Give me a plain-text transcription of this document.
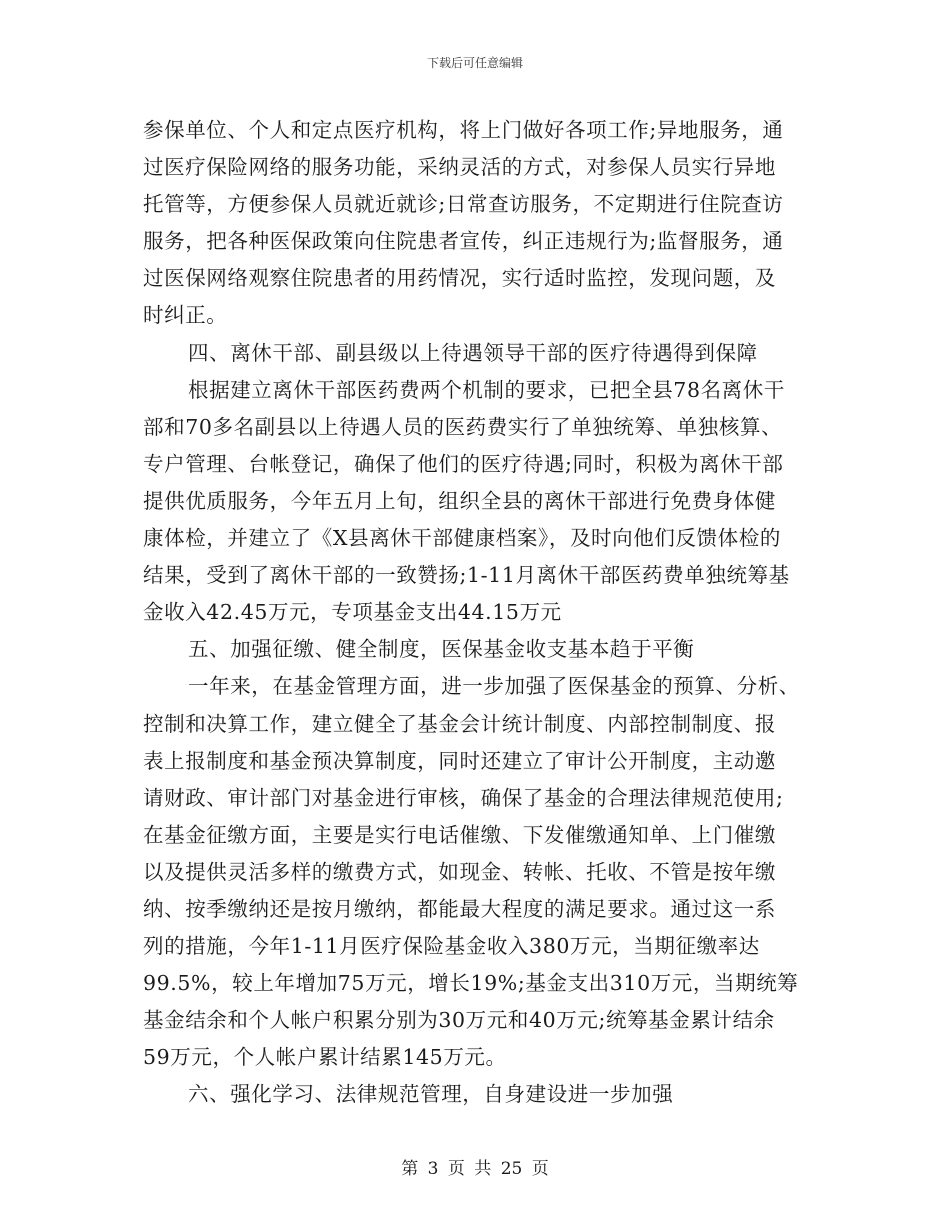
下载后可任意编辑
参保单位、个人和定点医疗机构，将上门做好各项工作;异地服务，通
过医疗保险网络的服务功能，采纳灵活的方式，对参保人员实行异地
托管等，方便参保人员就近就诊;日常查访服务，不定期进行住院查访
服务，把各种医保政策向住院患者宣传，纠正违规行为;监督服务，通
过医保网络观察住院患者的用药情况，实行适时监控，发现问题，及
时纠正。
四、离休干部、副县级以上待遇领导干部的医疗待遇得到保障
根据建立离休干部医药费两个机制的要求，已把全县78名离休干
部和70多名副县以上待遇人员的医药费实行了单独统筹、单独核算、
专户管理、台帐登记，确保了他们的医疗待遇;同时，积极为离休干部
提供优质服务，今年五月上旬，组织全县的离休干部进行免费身体健
康体检，并建立了《X县离休干部健康档案》，及时向他们反馈体检的
结果，受到了离休干部的一致赞扬;1-11月离休干部医药费单独统筹基
金收入42.45万元，专项基金支出44.15万元
五、加强征缴、健全制度，医保基金收支基本趋于平衡
一年来，在基金管理方面，进一步加强了医保基金的预算、分析、
控制和决算工作，建立健全了基金会计统计制度、内部控制制度、报
表上报制度和基金预决算制度，同时还建立了审计公开制度，主动邀
请财政、审计部门对基金进行审核，确保了基金的合理法律规范使用;
在基金征缴方面，主要是实行电话催缴、下发催缴通知单、上门催缴
以及提供灵活多样的缴费方式，如现金、转帐、托收、不管是按年缴
纳、按季缴纳还是按月缴纳，都能最大程度的满足要求。通过这一系
列的措施，今年1-11月医疗保险基金收入380万元，当期征缴率达
99.5%，较上年增加75万元，增长19%;基金支出310万元，当期统筹
基金结余和个人帐户积累分别为30万元和40万元;统筹基金累计结余
59万元，个人帐户累计结累145万元。
六、强化学习、法律规范管理，自身建设进一步加强
第 3 页 共 25 页
